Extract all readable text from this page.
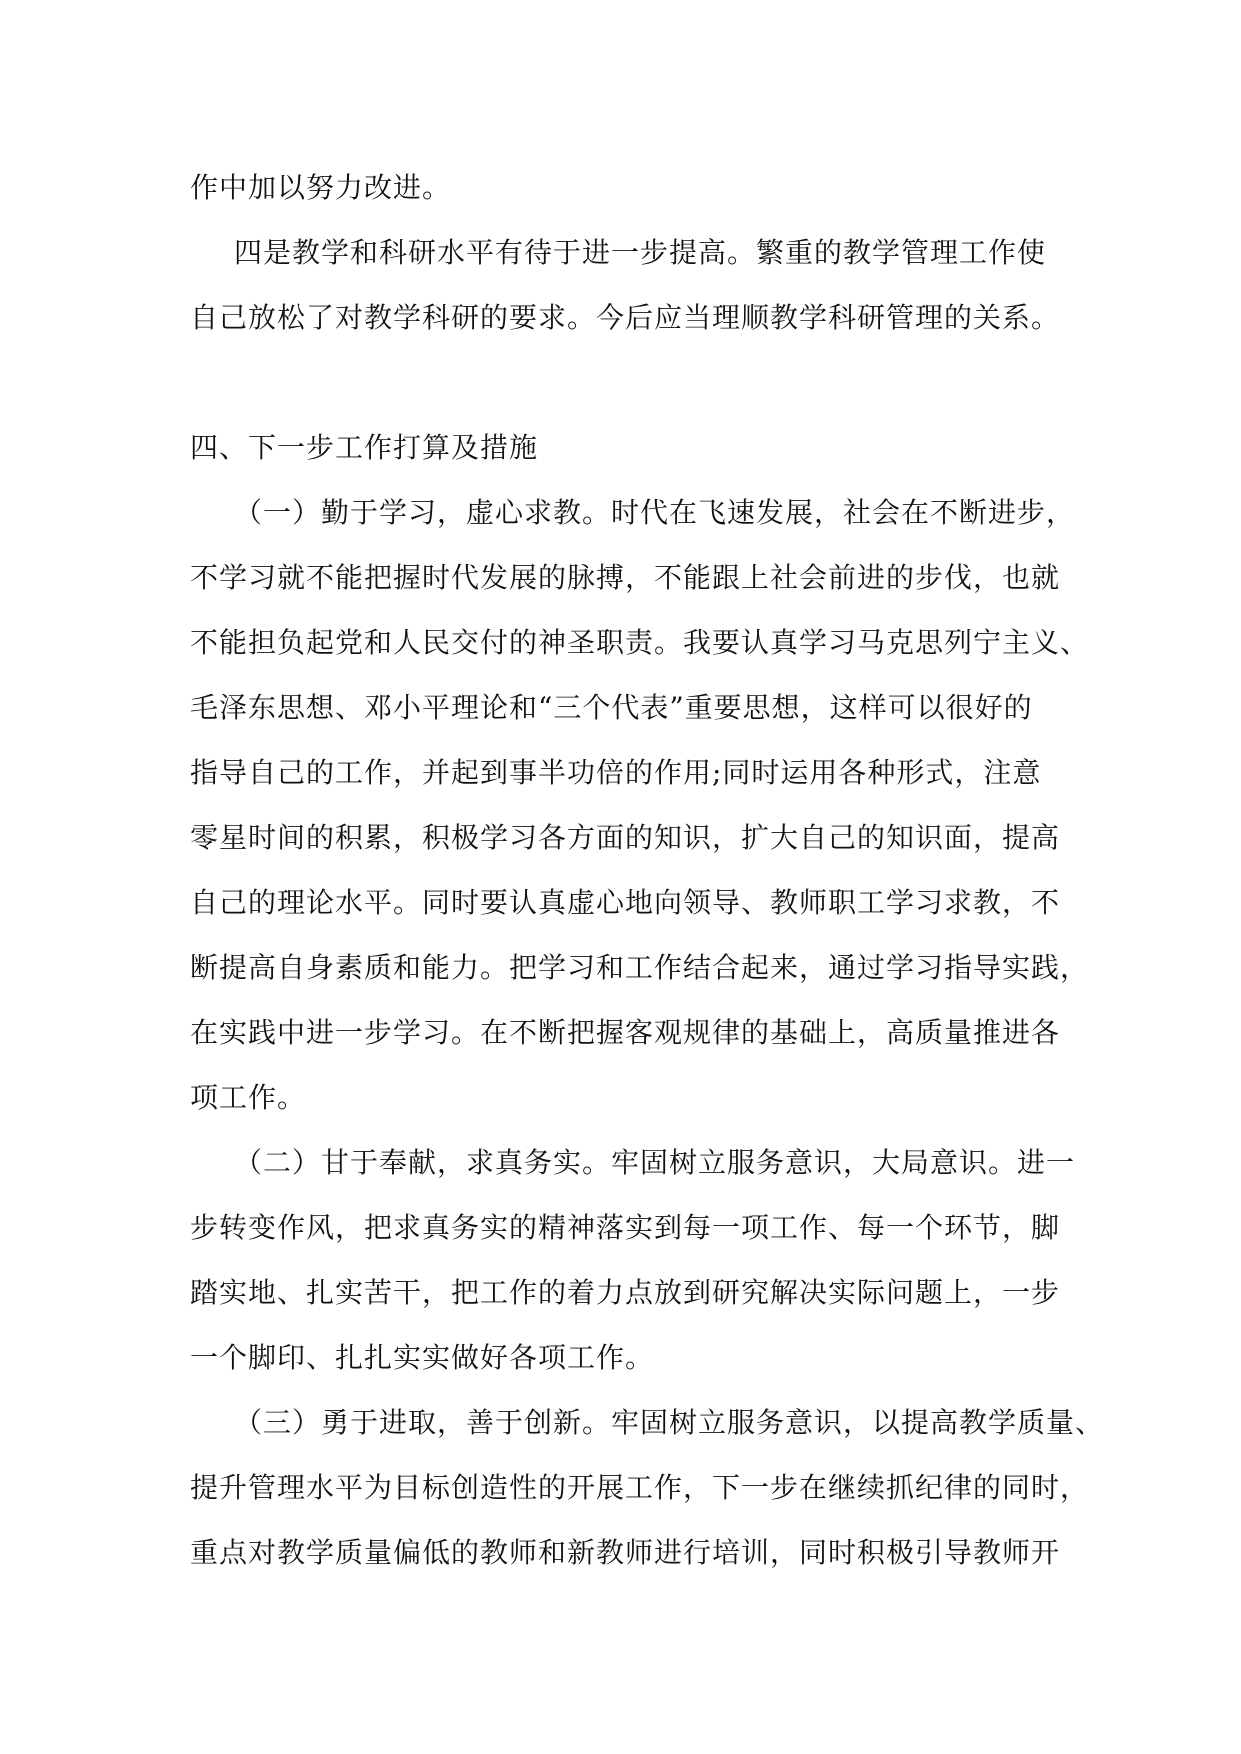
作中加以努力改进。
四是教学和科研水平有待于进一步提高。繁重的教学管理工作使
自己放松了对教学科研的要求。今后应当理顺教学科研管理的关系。
四、下一步工作打算及措施
（一）勤于学习，虚心求教。时代在飞速发展，社会在不断进步，
不学习就不能把握时代发展的脉搏，不能跟上社会前进的步伐，也就
不能担负起党和人民交付的神圣职责。我要认真学习马克思列宁主义、
毛泽东思想、邓小平理论和“三个代表”重要思想，这样可以很好的
指导自己的工作，并起到事半功倍的作用;同时运用各种形式，注意
零星时间的积累，积极学习各方面的知识，扩大自己的知识面，提高
自己的理论水平。同时要认真虚心地向领导、教师职工学习求教，不
断提高自身素质和能力。把学习和工作结合起来，通过学习指导实践，
在实践中进一步学习。在不断把握客观规律的基础上，高质量推进各
项工作。
（二）甘于奉献，求真务实。牢固树立服务意识，大局意识。进一
步转变作风，把求真务实的精神落实到每一项工作、每一个环节，脚
踏实地、扎实苦干，把工作的着力点放到研究解决实际问题上，一步
一个脚印、扎扎实实做好各项工作。
（三）勇于进取，善于创新。牢固树立服务意识，以提高教学质量、
提升管理水平为目标创造性的开展工作，下一步在继续抓纪律的同时，
重点对教学质量偏低的教师和新教师进行培训，同时积极引导教师开
